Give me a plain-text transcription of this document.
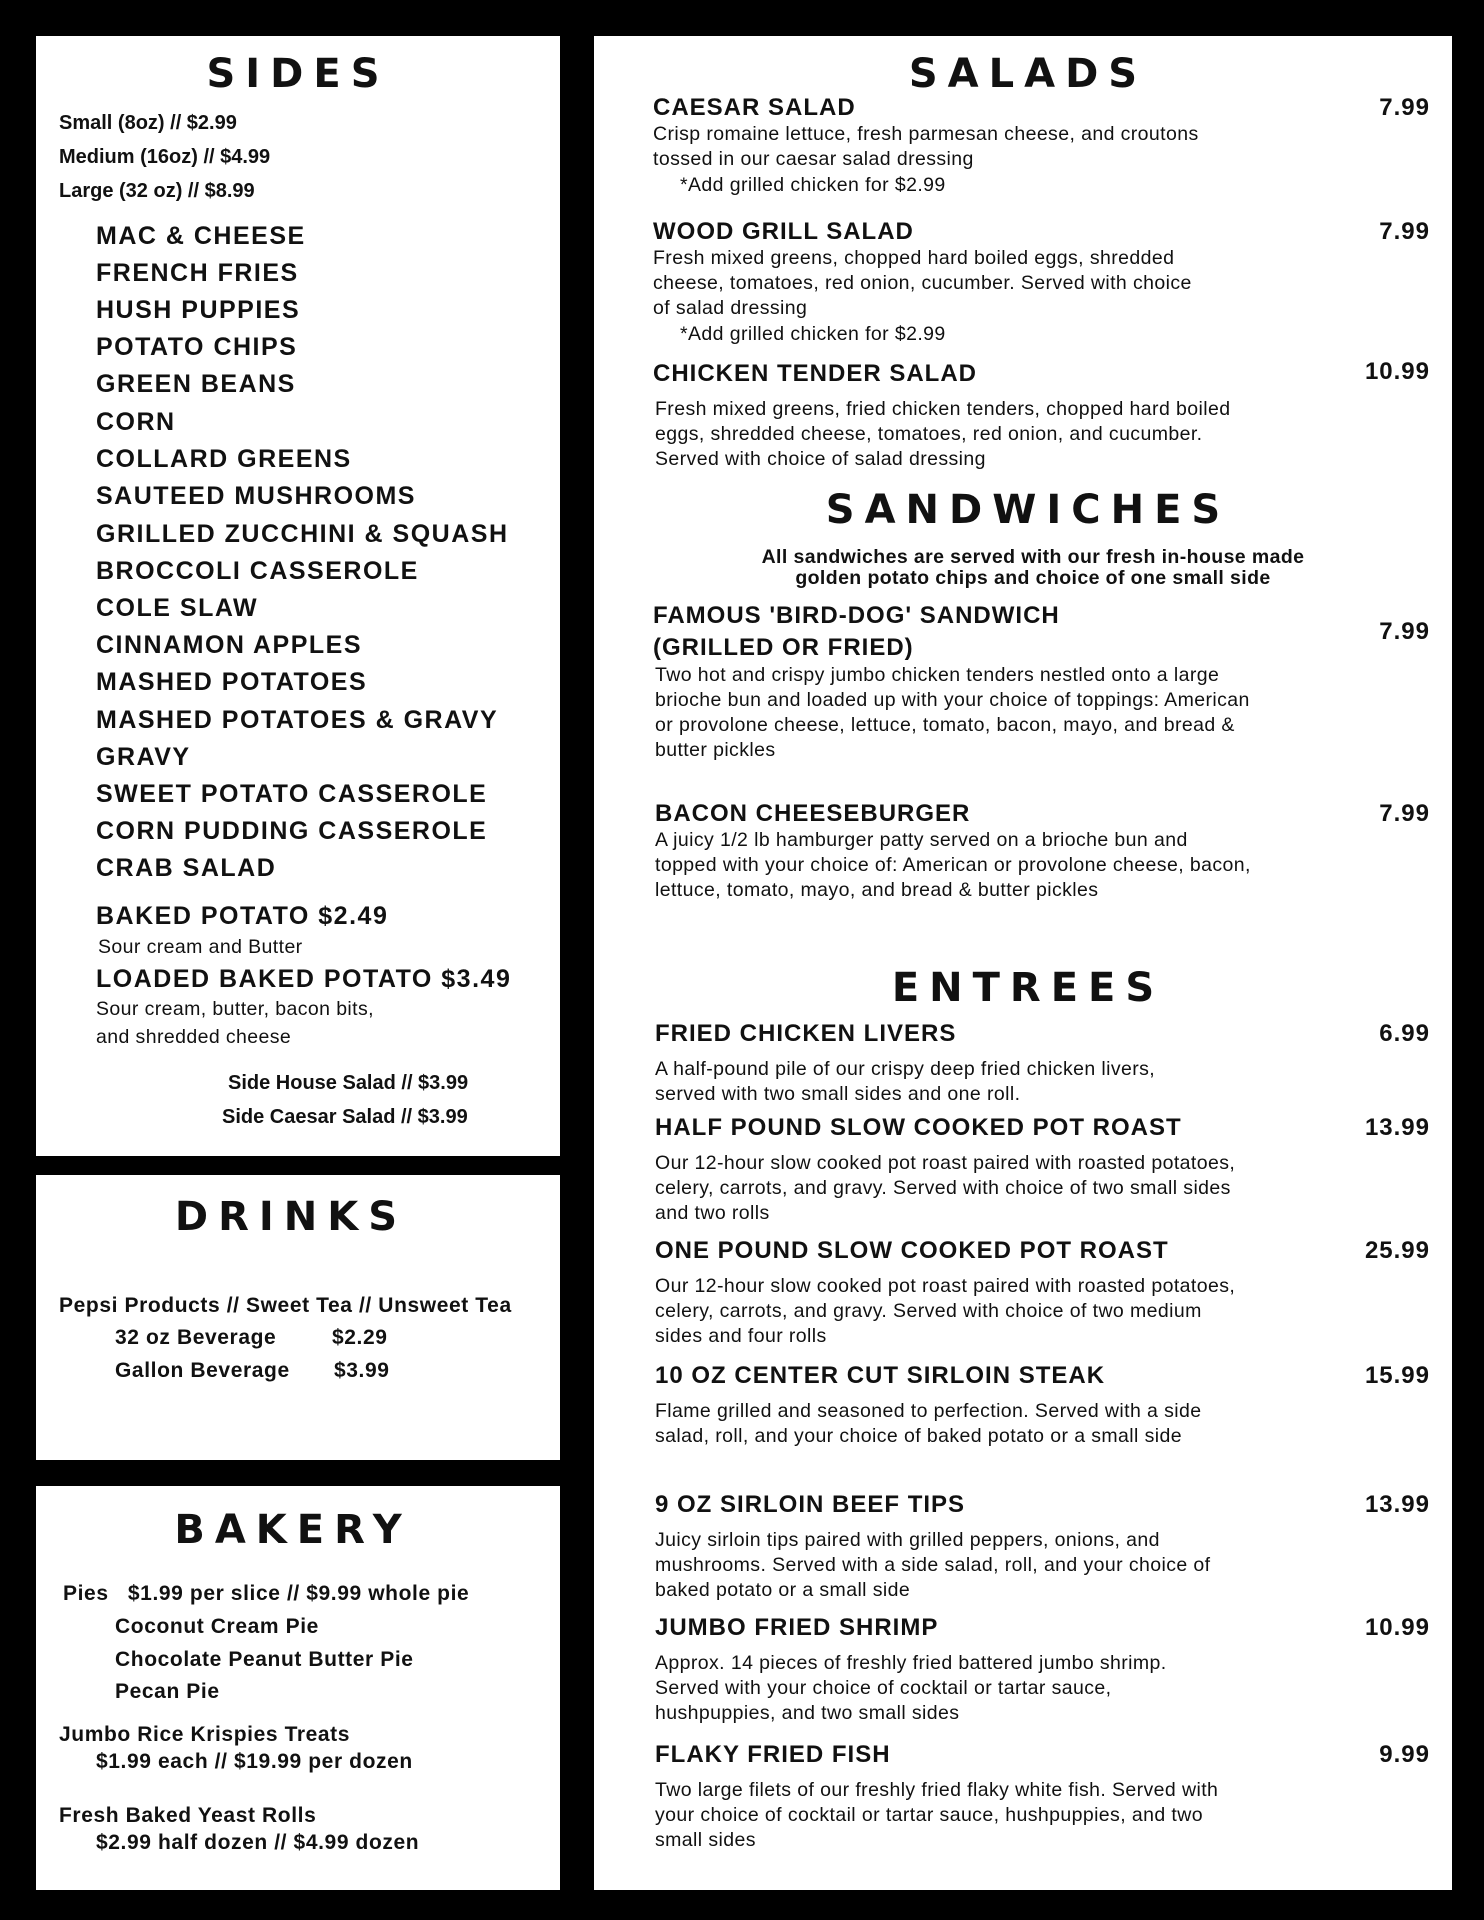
SIDES
Small (8oz) // $2.99
Medium (16oz) // $4.99
Large (32 oz) // $8.99
MAC & CHEESE
FRENCH FRIES
HUSH PUPPIES
POTATO CHIPS
GREEN BEANS
CORN
COLLARD GREENS
SAUTEED MUSHROOMS
GRILLED ZUCCHINI & SQUASH
BROCCOLI CASSEROLE
COLE SLAW
CINNAMON APPLES
MASHED POTATOES
MASHED POTATOES & GRAVY
GRAVY
SWEET POTATO CASSEROLE
CORN PUDDING CASSEROLE
CRAB SALAD
BAKED POTATO $2.49
Sour cream and Butter
LOADED BAKED POTATO $3.49
Sour cream, butter, bacon bits,
and shredded cheese
Side House Salad // $3.99
Side Caesar Salad // $3.99
DRINKS
Pepsi Products // Sweet Tea // Unsweet Tea
32 oz Beverage	$2.29
Gallon Beverage $3.99
BAKERY
Pies   $1.99 per slice // $9.99 whole pie
Coconut Cream Pie
Chocolate Peanut Butter Pie
Pecan Pie
Jumbo Rice Krispies Treats
$1.99 each // $19.99 per dozen
Fresh Baked Yeast Rolls
$2.99 half dozen // $4.99 dozen
SALADS
CAESAR SALAD	7.99
Crisp romaine lettuce, fresh parmesan cheese, and croutons tossed in our caesar salad dressing
*Add grilled chicken for $2.99
WOOD GRILL SALAD	7.99
Fresh mixed greens, chopped hard boiled eggs, shredded cheese, tomatoes, red onion, cucumber. Served with choice of salad dressing
*Add grilled chicken for $2.99
CHICKEN TENDER SALAD	10.99
Fresh mixed greens, fried chicken tenders, chopped hard boiled eggs, shredded cheese, tomatoes, red onion, and cucumber. Served with choice of salad dressing
SANDWICHES
All sandwiches are served with our fresh in-house made
golden potato chips and choice of one small side
FAMOUS 'BIRD-DOG' SANDWICH
(GRILLED OR FRIED)
7.99
Two hot and crispy jumbo chicken tenders nestled onto a large brioche bun and loaded up with your choice of toppings: American or provolone cheese, lettuce, tomato, bacon, mayo, and bread & butter pickles
BACON CHEESEBURGER	7.99
A juicy 1/2 lb hamburger patty served on a brioche bun and topped with your choice of: American or provolone cheese, bacon, lettuce, tomato, mayo, and bread & butter pickles
ENTREES
FRIED CHICKEN LIVERS	6.99
A half-pound pile of our crispy deep fried chicken livers, served with two small sides and one roll.
HALF POUND SLOW COOKED POT ROAST	13.99
Our 12-hour slow cooked pot roast paired with roasted potatoes, celery, carrots, and gravy. Served with choice of two small sides and two rolls
ONE POUND SLOW COOKED POT ROAST	25.99
Our 12-hour slow cooked pot roast paired with roasted potatoes, celery, carrots, and gravy. Served with choice of two medium sides and four rolls
10 OZ CENTER CUT SIRLOIN STEAK	15.99
Flame grilled and seasoned to perfection. Served with a side salad, roll, and your choice of baked potato or a small side
9 OZ SIRLOIN BEEF TIPS	13.99
Juicy sirloin tips paired with grilled peppers, onions, and mushrooms. Served with a side salad, roll, and your choice of baked potato or a small side
JUMBO FRIED SHRIMP	10.99
Approx. 14 pieces of freshly fried battered jumbo shrimp. Served with your choice of cocktail or tartar sauce, hushpuppies, and two small sides
FLAKY FRIED FISH	9.99
Two large filets of our freshly fried flaky white fish. Served with your choice of cocktail or tartar sauce, hushpuppies, and two small sides
